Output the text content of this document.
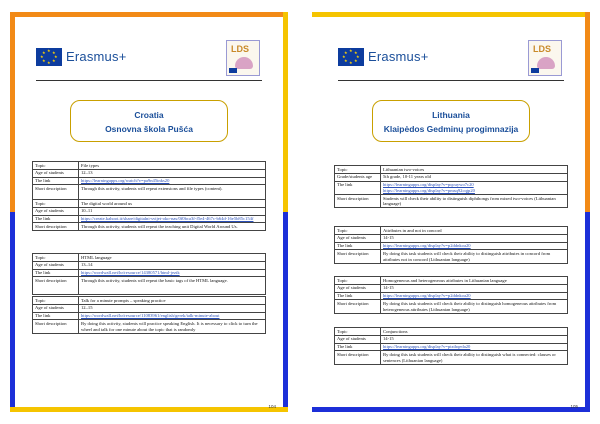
★ ★
★
★
★
★
★
★ Erasmus+	LDS
Croatia
Osnovna škola Pušća
Topic	File types
Age of students	12–13
The link	https://learningapps.org/watch?v=pa9n45inks20
Short description	Through this activity, students will repeat extensions and file types (content).
Topic	The digital world around us
Age of students	10–11
The link	https://create.kahoot.it/share/digitalni-svijet-oko-nas/0f0bca3f-f5e4-467c-b64d-16e5b85c154f
Short description	Through this activity, students will repeat the teaching unit Digital World Around Us.
Topic	HTML language
Age of students	13–14
The link	https://wordwall.net/hr/resource/14380571/html-jezik
Short description	Through this activity, students will repeat the basic tags of the HTML language.
Topic	Talk for a minute prompts – speaking practice
Age of students	12–15
The link	https://wordwall.net/hr/resource/11083961/english/gerek/talk-minute-about
Short description	By doing this activity, students will practice speaking English. It is necessary to click to turn the wheel and talk for one minute about the topic that is randomly
104
★ ★
★
★
★
★
★
★ Erasmus+	LDS
Lithuania
Klaipėdos Gedminų progimnazija
Topic	Lithuanian two-voices
Grade/students age	5th grade, 10-11 years old
The link	https://learningapps.org/display?v=pqcuywo7c20
https://learningapps.org/display?v=pmsq92cqjp20
Short description	Students will check their ability to distinguish diphthongs from mixed two-voices (Lithuanian language)
Topic	Attributes in and not in concord
Age of students	14-15
The link	https://learningapps.org/display?v=p2ddnkoa20
Short description	By doing this task students will check their ability to distinguish attributes in concord from attributes not in concord (Lithuanian language)
Topic	Homogeneous and heterogeneous attributes in Lithuanian language
Age of students	14-15
The link	https://learningapps.org/display?v=p2ddnkoa20
Short description	By doing this task students will check their ability to distinguish homogeneous attributes from heterogeneous attributes (Lithuanian language)
Topic	Conjunctions
Age of students	14-15
The link	https://learningapps.org/display?v=ptzthqeda20
Short description	By doing this task students will check their ability to distinguish what is connected: clauses or sentences (Lithuanian language)
105
